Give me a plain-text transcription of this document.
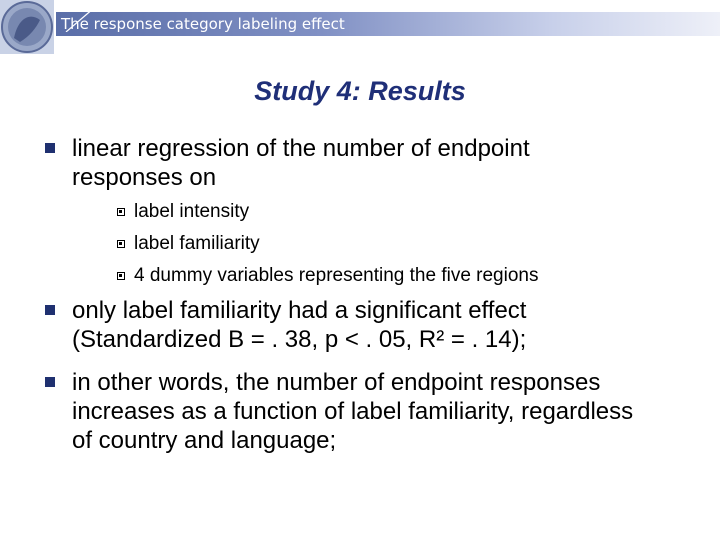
The response category labeling effect
Study 4: Results
linear regression of the number of endpoint responses on
label intensity
label familiarity
4 dummy variables representing the five regions
only label familiarity had a significant effect (Standardized B = . 38, p < . 05, R² = . 14);
in other words, the number of endpoint responses increases as a function of label familiarity, regardless of country and language;
